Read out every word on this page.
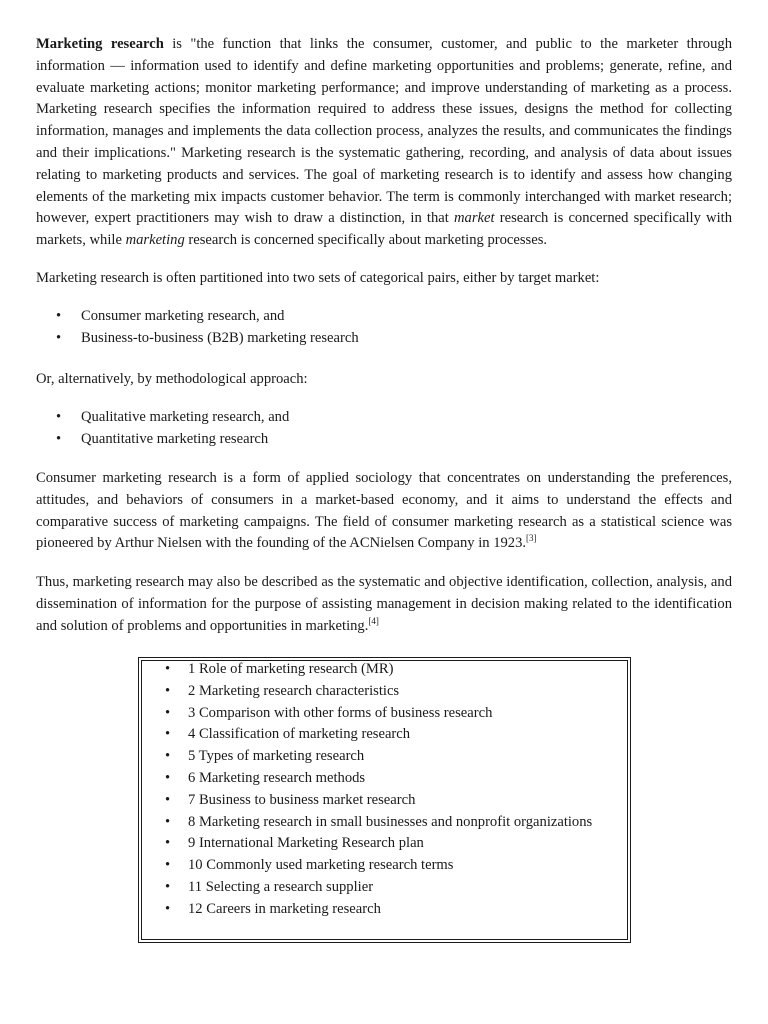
Marketing research is "the function that links the consumer, customer, and public to the marketer through information — information used to identify and define marketing opportunities and problems; generate, refine, and evaluate marketing actions; monitor marketing performance; and improve understanding of marketing as a process. Marketing research specifies the information required to address these issues, designs the method for collecting information, manages and implements the data collection process, analyzes the results, and communicates the findings and their implications." Marketing research is the systematic gathering, recording, and analysis of data about issues relating to marketing products and services. The goal of marketing research is to identify and assess how changing elements of the marketing mix impacts customer behavior. The term is commonly interchanged with market research; however, expert practitioners may wish to draw a distinction, in that market research is concerned specifically with markets, while marketing research is concerned specifically about marketing processes.

Marketing research is often partitioned into two sets of categorical pairs, either by target market:

• Consumer marketing research, and
• Business-to-business (B2B) marketing research

Or, alternatively, by methodological approach:

• Qualitative marketing research, and
• Quantitative marketing research

Consumer marketing research is a form of applied sociology that concentrates on understanding the preferences, attitudes, and behaviors of consumers in a market-based economy, and it aims to understand the effects and comparative success of marketing campaigns. The field of consumer marketing research as a statistical science was pioneered by Arthur Nielsen with the founding of the ACNielsen Company in 1923.[3]

Thus, marketing research may also be described as the systematic and objective identification, collection, analysis, and dissemination of information for the purpose of assisting management in decision making related to the identification and solution of problems and opportunities in marketing.[4]

• 1 Role of marketing research (MR)
• 2 Marketing research characteristics
• 3 Comparison with other forms of business research
• 4 Classification of marketing research
• 5 Types of marketing research
• 6 Marketing research methods
• 7 Business to business market research
• 8 Marketing research in small businesses and nonprofit organizations
• 9 International Marketing Research plan
• 10 Commonly used marketing research terms
• 11 Selecting a research supplier
• 12 Careers in marketing research
